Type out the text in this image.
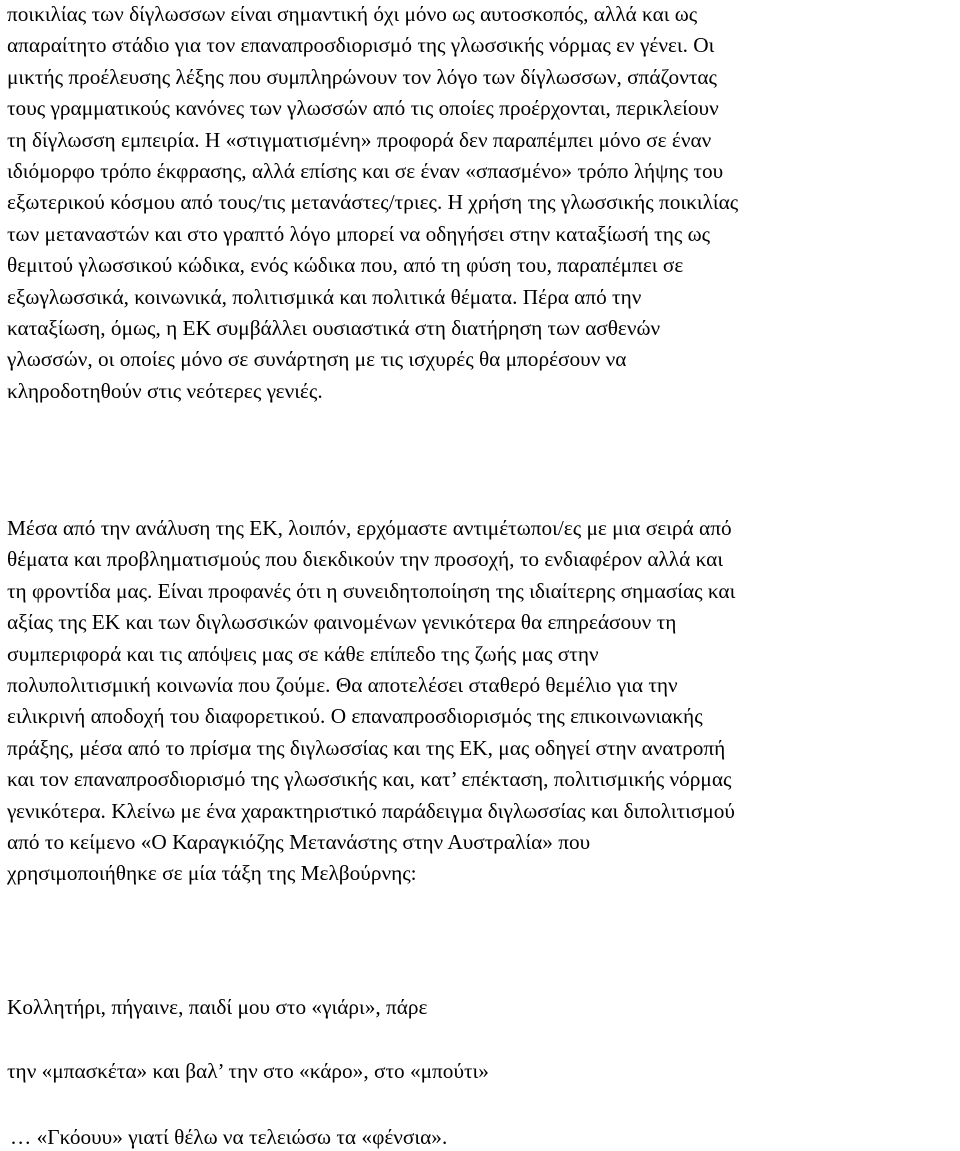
ποικιλίας των δίγλωσσων είναι σημαντική όχι μόνο ως αυτοσκοπός, αλλά και ως
απαραίτητο στάδιο για τον επαναπροσδιορισμό της γλωσσικής νόρμας εν γένει. Οι
μικτής προέλευσης λέξης που συμπληρώνουν τον λόγο των δίγλωσσων, σπάζοντας
τους γραμματικούς κανόνες των γλωσσών από τις οποίες προέρχονται, περικλείουν
τη δίγλωσση εμπειρία. Η «στιγματισμένη» προφορά δεν παραπέμπει μόνο σε έναν
ιδιόμορφο τρόπο έκφρασης, αλλά επίσης και σε έναν «σπασμένο» τρόπο λήψης του
εξωτερικού κόσμου από τους/τις μετανάστες/τριες. Η χρήση της γλωσσικής ποικιλίας
των μεταναστών και στο γραπτό λόγο μπορεί να οδηγήσει στην καταξίωσή της ως
θεμιτού γλωσσικού κώδικα, ενός κώδικα που, από τη φύση του, παραπέμπει σε
εξωγλωσσικά, κοινωνικά, πολιτισμικά και πολιτικά θέματα. Πέρα από την
καταξίωση, όμως, η ΕΚ συμβάλλει ουσιαστικά στη διατήρηση των ασθενών
γλωσσών, οι οποίες μόνο σε συνάρτηση με τις ισχυρές θα μπορέσουν να
κληροδοτηθούν στις νεότερες γενιές.

Μέσα από την ανάλυση της ΕΚ, λοιπόν, ερχόμαστε αντιμέτωποι/ες με μια σειρά από
θέματα και προβληματισμούς που διεκδικούν την προσοχή, το ενδιαφέρον αλλά και
τη φροντίδα μας. Είναι προφανές ότι η συνειδητοποίηση της ιδιαίτερης σημασίας και
αξίας της ΕΚ και των διγλωσσικών φαινομένων γενικότερα θα επηρεάσουν τη
συμπεριφορά και τις απόψεις μας σε κάθε επίπεδο της ζωής μας στην
πολυπολιτισμική κοινωνία που ζούμε. Θα αποτελέσει σταθερό θεμέλιο για την
ειλικρινή αποδοχή του διαφορετικού. Ο επαναπροσδιορισμός της επικοινωνιακής
πράξης, μέσα από το πρίσμα της διγλωσσίας και της ΕΚ, μας οδηγεί στην ανατροπή
και τον επαναπροσδιορισμό της γλωσσικής και, κατ’ επέκταση, πολιτισμικής νόρμας
γενικότερα. Κλείνω με ένα χαρακτηριστικό παράδειγμα διγλωσσίας και διπολιτισμού
από το κείμενο «Ο Καραγκιόζης Μετανάστης στην Αυστραλία» που
χρησιμοποιήθηκε σε μία τάξη της Μελβούρνης:

Κολλητήρι, πήγαινε, παιδί μου στο «γιάρι», πάρε

την «μπασκέτα» και βαλ’ την στο «κάρο», στο «μπούτι»

… «Γκόουυ» γιατί θέλω να τελειώσω τα «φένσια».
